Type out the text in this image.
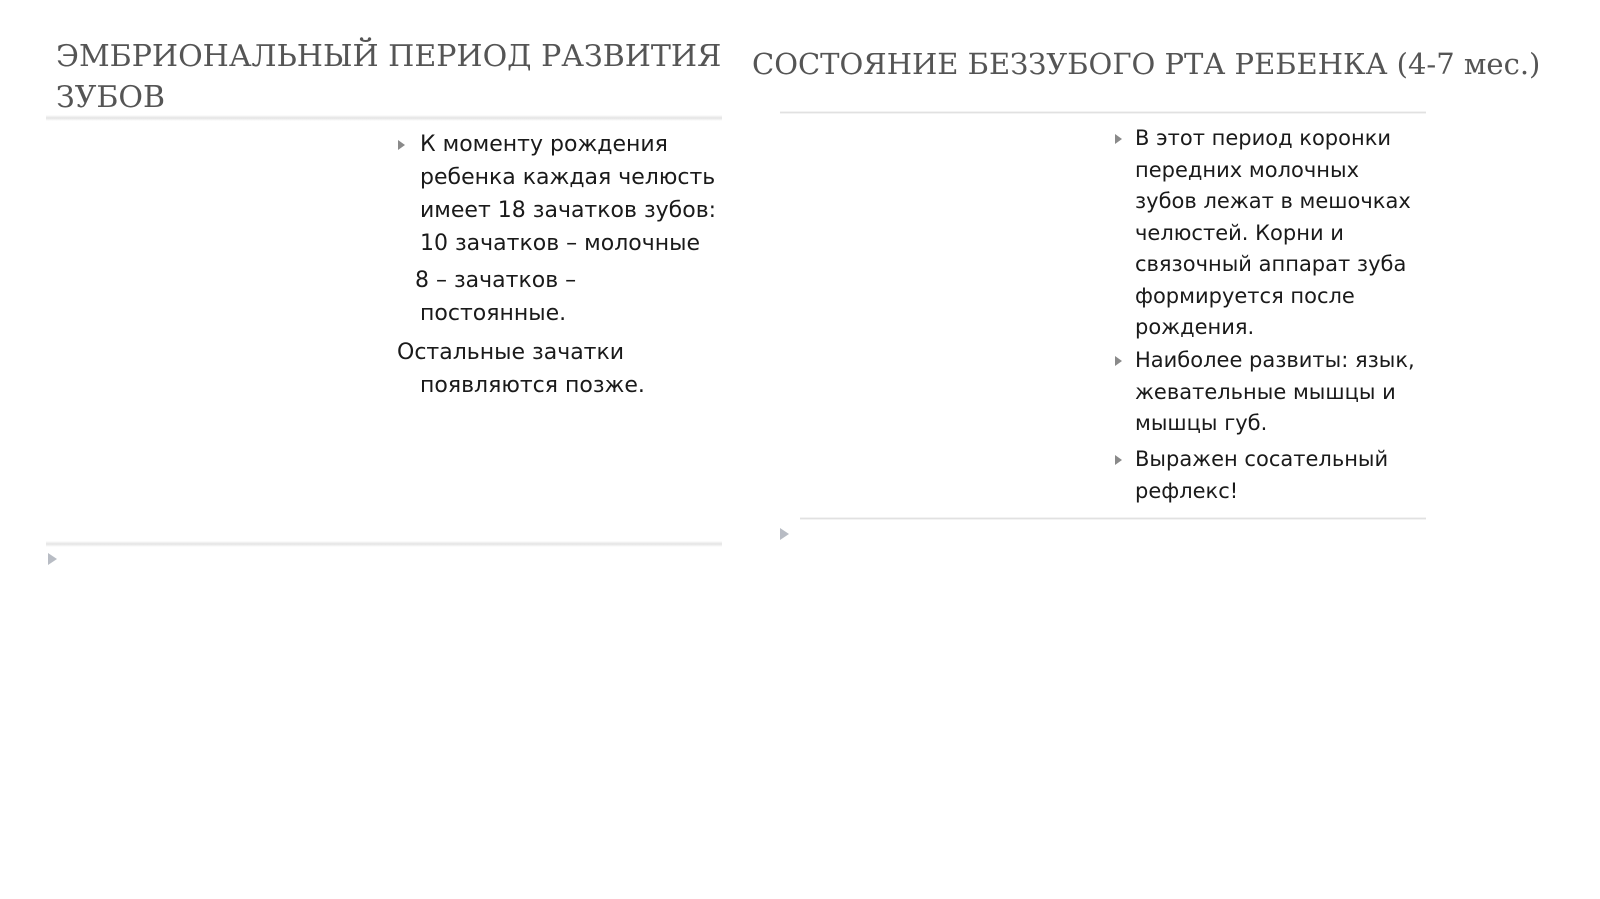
ЭМБРИОНАЛЬНЫЙ ПЕРИОД РАЗВИТИЯ
ЗУБОВ
К моменту рождения
ребенка каждая челюсть
имеет 18 зачатков зубов:
10 зачатков – молочные
8 – зачатков –
постоянные.
Остальные зачатки
появляются позже.
СОСТОЯНИЕ БЕЗЗУБОГО РТА РЕБЕНКА (4-7 мес.)
В этот период коронки
передних молочных
зубов лежат в мешочках
челюстей. Корни и
связочный аппарат зуба
формируется после
рождения.
Наиболее развиты: язык,
жевательные мышцы и
мышцы губ.
Выражен сосательный
рефлекс!
